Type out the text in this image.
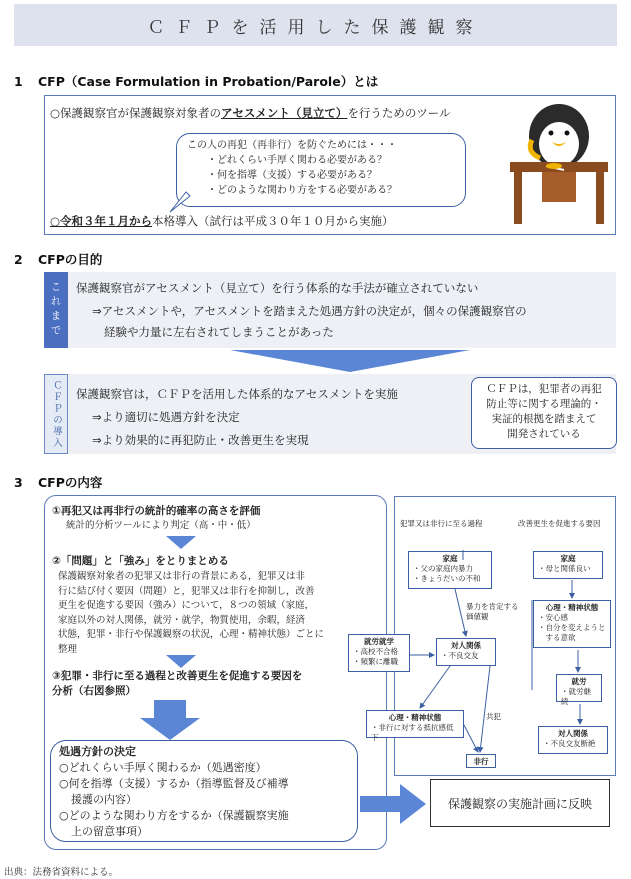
ＣＦＰを活用した保護観察
1 CFP（Case Formulation in Probation/Parole）とは
○保護観察官が保護観察対象者のアセスメント（見立て）を行うためのツール
この人の再犯（再非行）を防ぐためには・・・
・どれくらい手厚く関わる必要がある？
・何を指導（支援）する必要がある？
・どのような関わり方をする必要がある？
○令和３年１月から本格導入（試行は平成３０年１０月から実施）
2 CFPの目的
これまで	保護観察官がアセスメント（見立て）を行う体系的な手法が確立されていない
⇒アセスメントや，アセスメントを踏まえた処遇方針の決定が，個々の保護観察官の
経験や力量に左右されてしまうことがあった
ＣＦＰの導入	保護観察官は，ＣＦＰを活用した体系的なアセスメントを実施
⇒より適切に処遇方針を決定
⇒より効果的に再犯防止・改善更生を実現
ＣＦＰは，犯罪者の再犯
防止等に関する理論的・
実証的根拠を踏まえて
開発されている
3 CFPの内容
①再犯又は再非行の統計的確率の高さを評価
統計的分析ツールにより判定（高・中・低）
②「問題」と「強み」をとりまとめる
保護観察対象者の犯罪又は非行の背景にある，犯罪又は非
行に結び付く要因（問題）と，犯罪又は非行を抑制し，改善
更生を促進する要因（強み）について，８つの領域（家庭，
家庭以外の対人関係，就労・就学，物質使用，余暇，経済
状態，犯罪・非行や保護観察の状況，心理・精神状態）ごとに
整理
③犯罪・非行に至る過程と改善更生を促進する要因を
分析（右図参照）
処遇方針の決定
○どれくらい手厚く関わるか（処遇密度）
○何を指導（支援）するか（指導監督及び補導
援護の内容）
○どのような関わり方をするか（保護観察実施
上の留意事項）
保護観察の実施計画に反映
犯罪又は非行に至る過程	改善更生を促進する要因
家庭
・父の家庭内暴力
・きょうだいの不和
暴力を肯定する
価値観
就労就学
・高校不合格
・頻繁に離職
対人関係
・不良交友
共犯
心理・精神状態
・非行に対する抵抗感低下
非行
家庭
・母と関係良い
心理・精神状態
・安心感
・自分を変えようと
　する意欲
就労
・就労継続
対人関係
・不良交友断絶
出典：法務省資料による。
